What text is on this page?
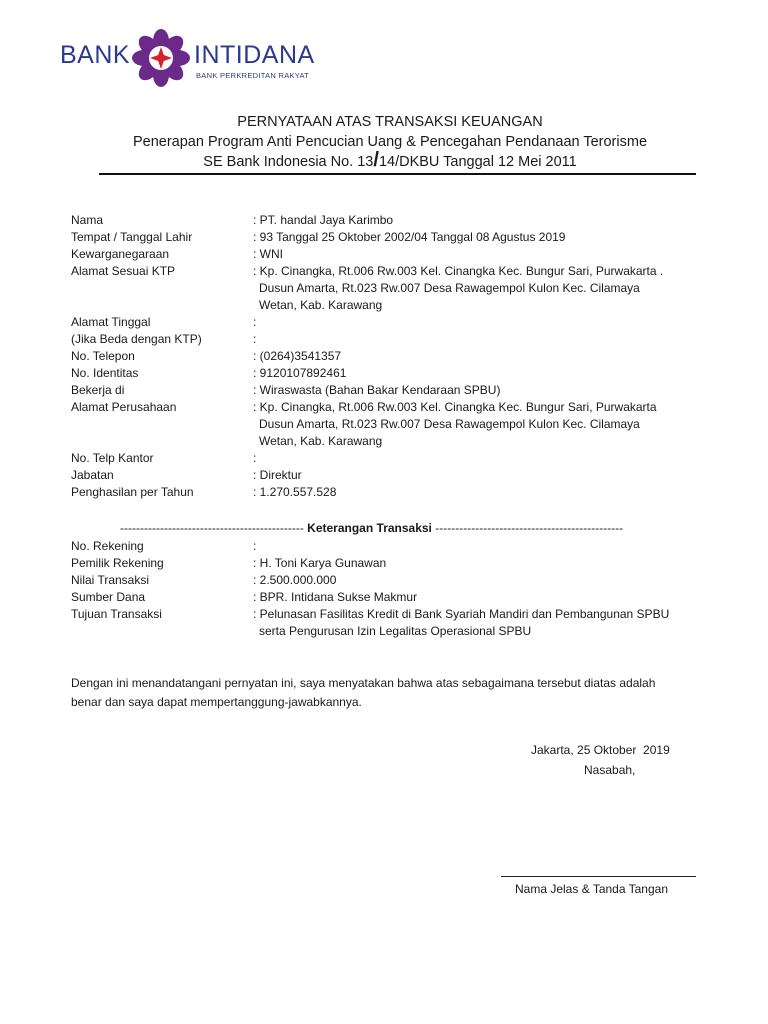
BANK	INTIDANA
BANK PERKREDITAN RAKYAT
PERNYATAAN ATAS TRANSAKSI KEUANGAN
Penerapan Program Anti Pencucian Uang & Pencegahan Pendanaan Terorisme
SE Bank Indonesia No. 13/14/DKBU Tanggal 12 Mei 2011
Nama	: PT. handal Jaya Karimbo
Tempat / Tanggal Lahir	: 93 Tanggal 25 Oktober 2002/04 Tanggal 08 Agustus 2019
Kewarganegaraan	: WNI
Alamat Sesuai KTP	: Kp. Cinangka, Rt.006 Rw.003 Kel. Cinangka Kec. Bungur Sari, Purwakarta .
Dusun Amarta, Rt.023 Rw.007 Desa Rawagempol Kulon Kec. Cilamaya
Wetan, Kab. Karawang
Alamat Tinggal	:
(Jika Beda dengan KTP)	:
No. Telepon	: (0264)3541357
No. Identitas	: 9120107892461
Bekerja di	: Wiraswasta (Bahan Bakar Kendaraan SPBU)
Alamat Perusahaan	: Kp. Cinangka, Rt.006 Rw.003 Kel. Cinangka Kec. Bungur Sari, Purwakarta
Dusun Amarta, Rt.023 Rw.007 Desa Rawagempol Kulon Kec. Cilamaya
Wetan, Kab. Karawang
No. Telp Kantor	:
Jabatan	: Direktur
Penghasilan per Tahun	: 1.270.557.528
---------------------------------------------- Keterangan Transaksi -----------------------------------------------
No. Rekening	:
Pemilik Rekening	: H. Toni Karya Gunawan
Nilai Transaksi	: 2.500.000.000
Sumber Dana	: BPR. Intidana Sukse Makmur
Tujuan Transaksi	: Pelunasan Fasilitas Kredit di Bank Syariah Mandiri dan Pembangunan SPBU
serta Pengurusan Izin Legalitas Operasional SPBU
Dengan ini menandatangani pernyatan ini, saya menyatakan bahwa atas sebagaimana tersebut diatas adalah
benar dan saya dapat mempertanggung-jawabkannya.
Jakarta, 25 Oktober  2019
Nasabah,
Nama Jelas & Tanda Tangan
